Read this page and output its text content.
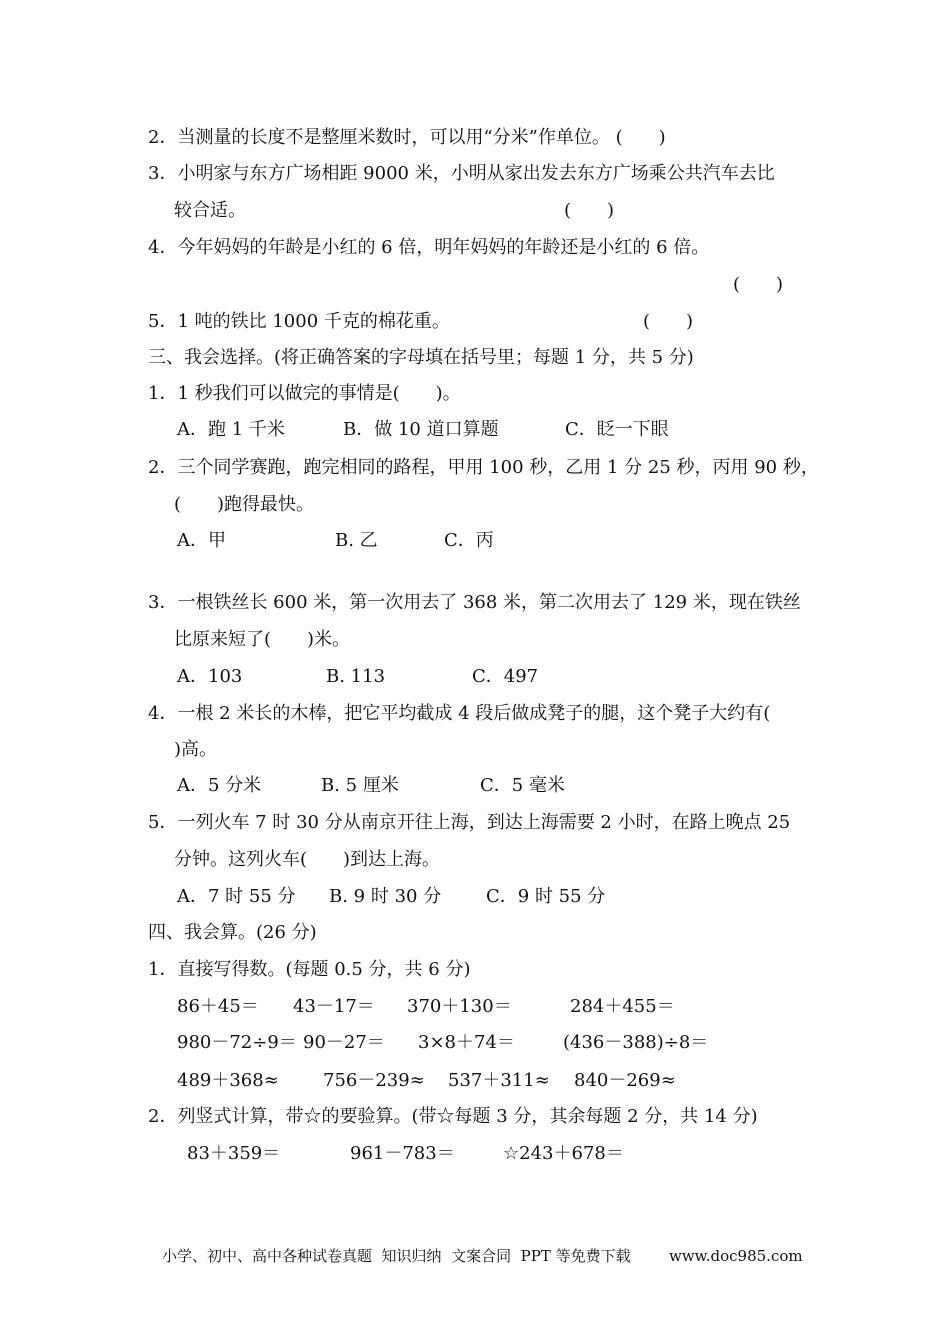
2．当测量的长度不是整厘米数时，可以用“分米”作单位。 (　　)
3．小明家与东方广场相距 9000 米，小明从家出发去东方广场乘公共汽车去比
较合适。	(　　)
4．今年妈妈的年龄是小红的 6 倍，明年妈妈的年龄还是小红的 6 倍。
(　　)
5．1 吨的铁比 1000 千克的棉花重。	(　　)
三、我会选择。(将正确答案的字母填在括号里；每题 1 分，共 5 分)
1．1 秒我们可以做完的事情是(　　)。
A．跑 1 千米	B．做 10 道口算题	C．眨一下眼
2．三个同学赛跑，跑完相同的路程，甲用 100 秒，乙用 1 分 25 秒，丙用 90 秒，
(　　)跑得最快。
A．甲	B. 乙	C．丙
3．一根铁丝长 600 米，第一次用去了 368 米，第二次用去了 129 米，现在铁丝
比原来短了(　　)米。
A．103	B. 113	C．497
4．一根 2 米长的木棒，把它平均截成 4 段后做成凳子的腿，这个凳子大约有(
)高。
A．5 分米	B. 5 厘米	C．5 毫米
5．一列火车 7 时 30 分从南京开往上海，到达上海需要 2 小时，在路上晚点 25
分钟。这列火车(　　)到达上海。
A．7 时 55 分 B. 9 时 30 分 C．9 时 55 分
四、我会算。(26 分)
1．直接写得数。(每题 0.5 分，共 6 分)
86＋45＝ 43－17＝ 370＋130＝	284＋455＝
980－72÷9＝ 90－27＝ 3×8＋74＝	(436－388)÷8＝
489＋368≈ 756－239≈ 537＋311≈ 840－269≈
2．列竖式计算，带☆的要验算。(带☆每题 3 分，其余每题 2 分，共 14 分)
83＋359＝	961－783＝	☆243＋678＝
小学、初中、高中各种试卷真题  知识归纳  文案合同  PPT 等免费下载	www.doc985.com
